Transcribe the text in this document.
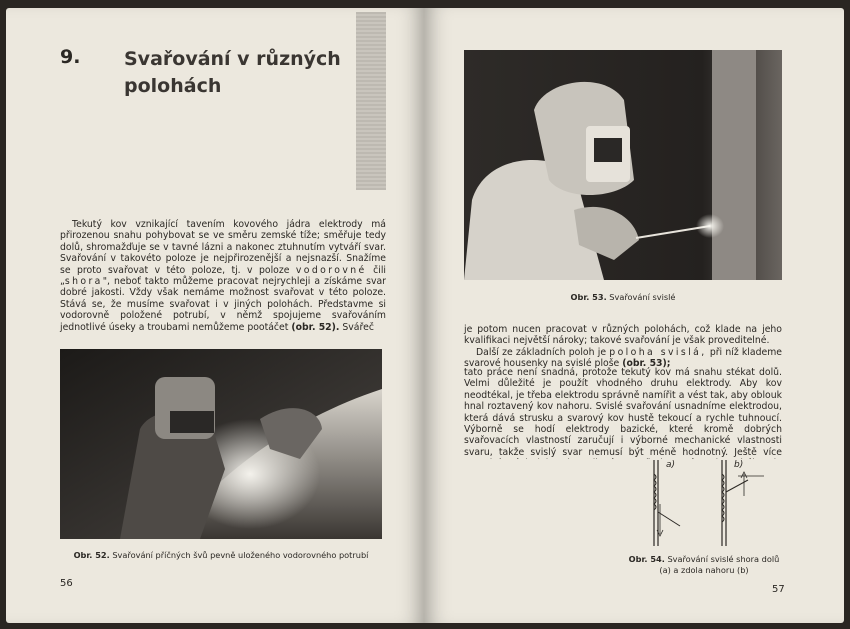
9. Svařování v různých polohách

Tekutý kov vznikající tavením kovového jádra elektrody má přirozenou snahu pohybovat se ve směru zemské tíže; směřuje tedy dolů, shromažďuje se v tavné lázni a nakonec ztuhnutím vytváří svar. Svařování v takovéto poloze je nejpřirozenější a nejsnazší. Snažíme se proto svařovat v této poloze, tj. v poloze vodorovné čili „shora", neboť takto můžeme pracovat nejrychleji a získáme svar dobré jakosti. Vždy však nemáme možnost svařovat v této poloze. Stává se, že musíme svařovat i v jiných polohách. Představme si vodorovně položené potrubí, v němž spojujeme svařováním jednotlivé úseky a troubami nemůžeme pootáčet (obr. 52). Svářeč

Obr. 52. Svařování příčných švů pevně uloženého vodorovného potrubí
56
Obr. 53. Svařování svislé

je potom nucen pracovat v různých polohách, což klade na jeho kvalifikaci největší nároky; takové svařování je však proveditelné.

Další ze základních poloh je poloha svislá, při níž klademe svarové housenky na svislé ploše (obr. 53);

tato práce není snadná, protože tekutý kov má snahu stékat dolů. Velmi důležité je použít vhodného druhu elektrody. Aby kov neodtékal, je třeba elektrodu správně namířit a vést tak, aby oblouk hnal roztavený kov nahoru. Svislé svařování usnadníme elektrodou, která dává strusku a svarový kov hustě tekoucí a rychle tuhnoucí. Výborně se hodí elektrody bazické, které kromě dobrých svařovacích vlastností zaručují i výborné mechanické vlastnosti svaru, takže svislý svar nemusí být méně hodnotný. Ještě více

a)	b)
Obr. 54. Svařování svislé shora dolů (a) a zdola nahoru (b)
57
